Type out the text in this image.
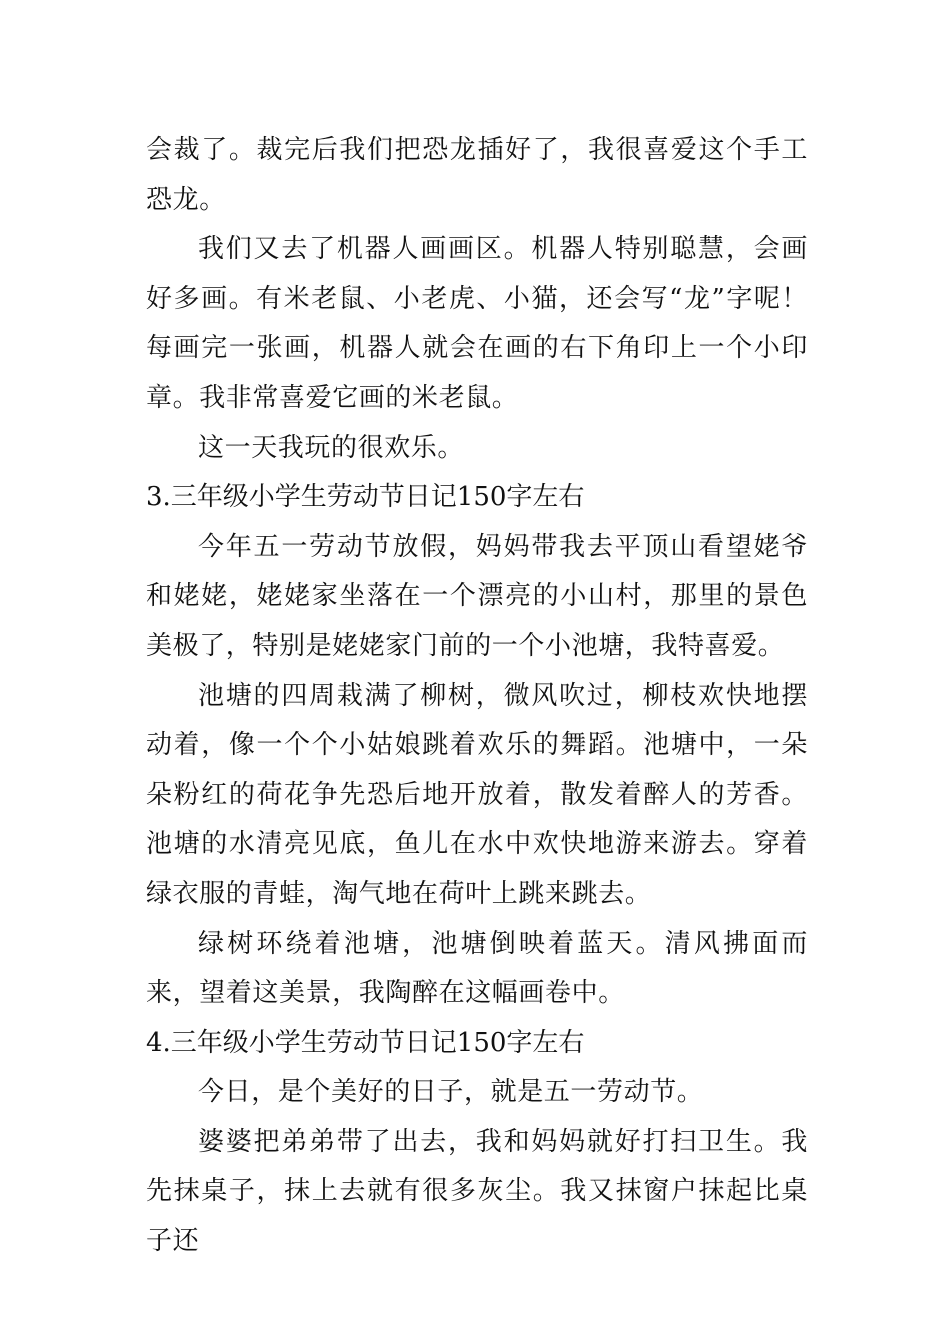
会裁了。裁完后我们把恐龙插好了，我很喜爱这个手工恐龙。

我们又去了机器人画画区。机器人特别聪慧，会画好多画。有米老鼠、小老虎、小猫，还会写“龙”字呢！每画完一张画，机器人就会在画的右下角印上一个小印章。我非常喜爱它画的米老鼠。

这一天我玩的很欢乐。

3.三年级小学生劳动节日记150字左右

今年五一劳动节放假，妈妈带我去平顶山看望姥爷和姥姥，姥姥家坐落在一个漂亮的小山村，那里的景色美极了，特别是姥姥家门前的一个小池塘，我特喜爱。

池塘的四周栽满了柳树，微风吹过，柳枝欢快地摆动着，像一个个小姑娘跳着欢乐的舞蹈。池塘中，一朵朵粉红的荷花争先恐后地开放着，散发着醉人的芳香。池塘的水清亮见底，鱼儿在水中欢快地游来游去。穿着绿衣服的青蛙，淘气地在荷叶上跳来跳去。

绿树环绕着池塘，池塘倒映着蓝天。清风拂面而来，望着这美景，我陶醉在这幅画卷中。

4.三年级小学生劳动节日记150字左右

今日，是个美好的日子，就是五一劳动节。

婆婆把弟弟带了出去，我和妈妈就好打扫卫生。我先抹桌子，抹上去就有很多灰尘。我又抹窗户抹起比桌子还
